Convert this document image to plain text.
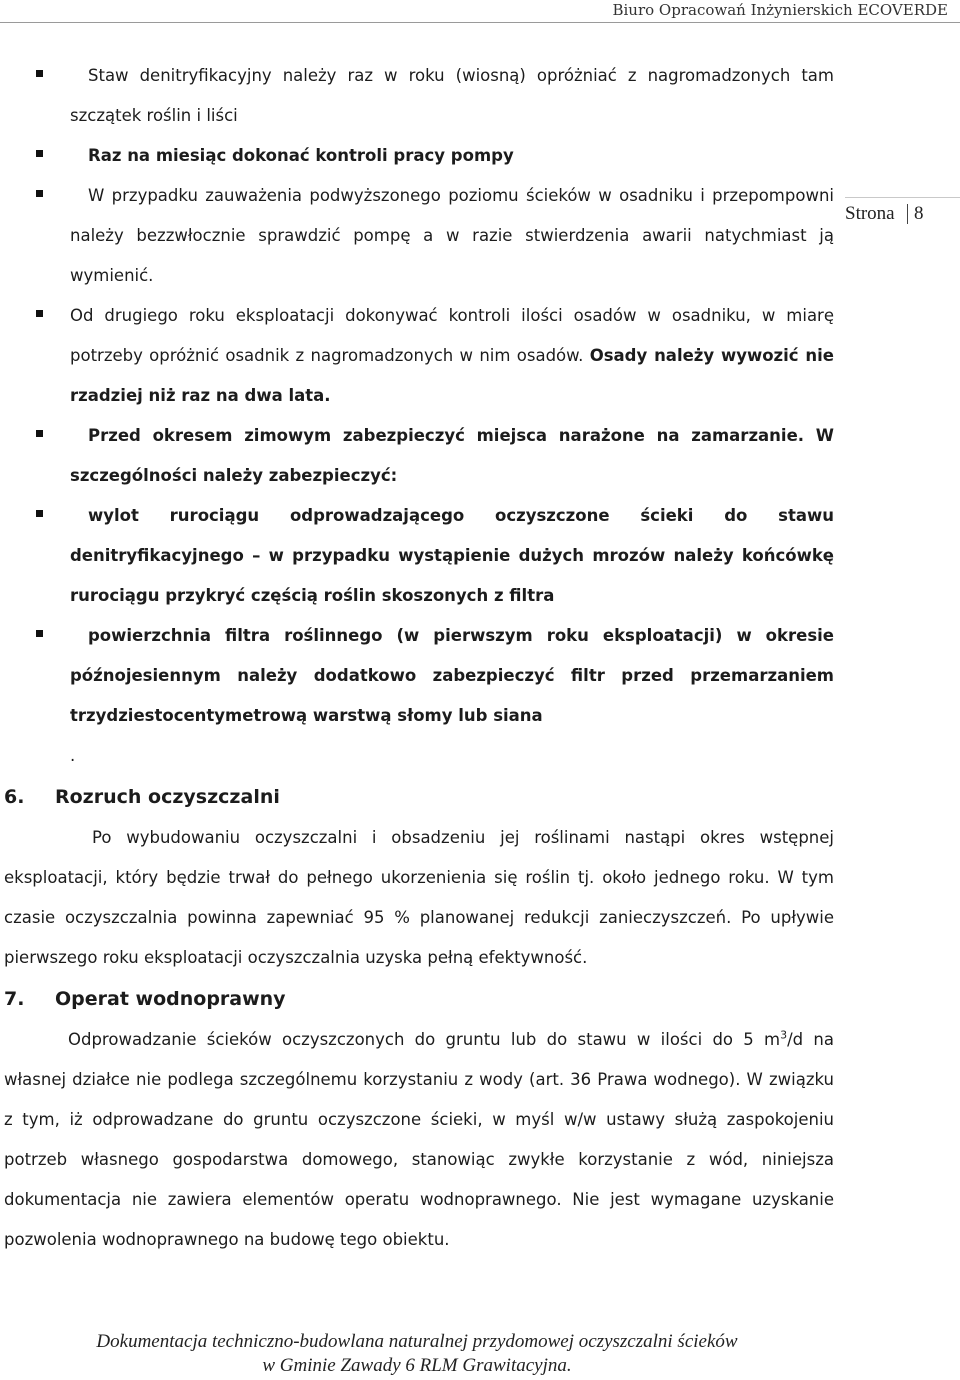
Biuro Opracowań Inżynierskich ECOVERDE
Strona 8

Staw denitryfikacyjny należy raz w roku (wiosną) opróżniać z nagromadzonych tam szczątek roślin i liści

Raz na miesiąc dokonać kontroli pracy pompy

W przypadku zauważenia podwyższonego poziomu ścieków w osadniku i przepompowni należy bezzwłocznie sprawdzić pompę a w razie stwierdzenia awarii natychmiast ją wymienić.

Od drugiego roku eksploatacji dokonywać kontroli ilości osadów w osadniku, w miarę potrzeby opróżnić osadnik z nagromadzonych w nim osadów. Osady należy wywozić nie rzadziej niż raz na dwa lata.

Przed okresem zimowym zabezpieczyć miejsca narażone na zamarzanie. W szczególności należy zabezpieczyć:

wylot rurociągu odprowadzającego oczyszczone ścieki do stawu denitryfikacyjnego – w przypadku wystąpienie dużych mrozów należy końcówkę rurociągu przykryć częścią roślin skoszonych z filtra

powierzchnia filtra roślinnego (w pierwszym roku eksploatacji) w okresie późnojesiennym należy dodatkowo zabezpieczyć filtr przed przemarzaniem trzydziestocentymetrową warstwą słomy lub siana.

6. Rozruch oczyszczalni

Po wybudowaniu oczyszczalni i obsadzeniu jej roślinami nastąpi okres wstępnej eksploatacji, który będzie trwał do pełnego ukorzenienia się roślin tj. około jednego roku. W tym czasie oczyszczalnia powinna zapewniać 95 % planowanej redukcji zanieczyszczeń. Po upływie pierwszego roku eksploatacji oczyszczalnia uzyska pełną efektywność.

7. Operat wodnoprawny

Odprowadzanie ścieków oczyszczonych do gruntu lub do stawu w ilości do 5 $m^3/d$ na własnej działce nie podlega szczególnemu korzystaniu z wody (art. 36 Prawa wodnego). W związku z tym, iż odprowadzane do gruntu oczyszczone ścieki, w myśl w/w ustawy służą zaspokojeniu potrzeb własnego gospodarstwa domowego, stanowiąc zwykłe korzystanie z wód, niniejsza dokumentacja nie zawiera elementów operatu wodnoprawnego. Nie jest wymagane uzyskanie pozwolenia wodnoprawnego na budowę tego obiektu.

Dokumentacja techniczno-budowlana naturalnej przydomowej oczyszczalni ścieków
w Gminie Zawady 6 RLM Grawitacyjna.
